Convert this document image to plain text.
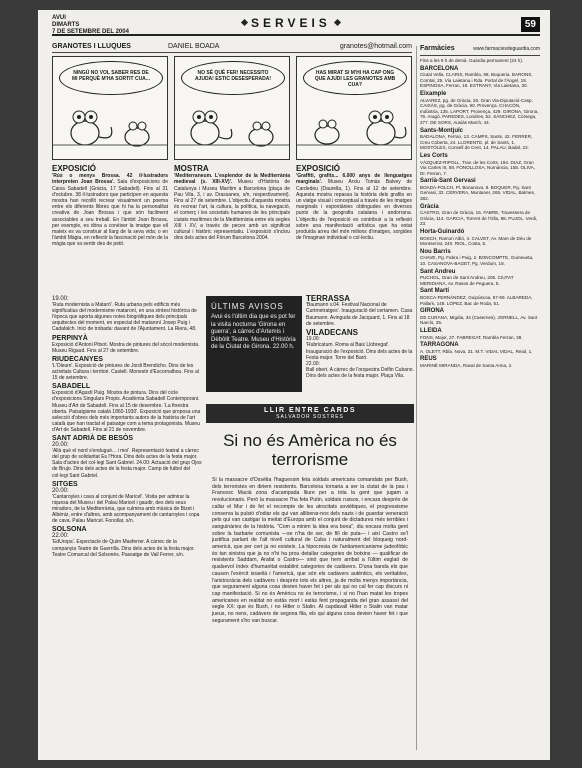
AVUI
DIMARTS
7 DE SETEMBRE DEL 2004
SERVEIS	59
GRANOTES I LLUQUES	DANIEL BOADA	granotes@hotmail.com
NINGÚ NO VOL SABER RES DE MI PERQUÈ M'HA SORTIT CUA...
NO SÉ QUÈ FER! NECESSITO AJUDA! ESTIC DESESPERADA!
HAS MIRAT SI M'HI HA CAP ONG QUE AJUDI LES GRANOTES AMB CUA?
EXPOSICIÓ
'Rús o menys Brossa. 42 il·lustradors interpreten Joan Brossa'. Sala d'exposicions de Caixa Sabadell (Gràcia, 17 Sabadell). Fins al 31 d'octubre. 38 il·lustradors que participen en aquesta mostra han recollit recrear visualment un poema entre els diferents llibres que hi ha la personalitat creativa de Joan Brossa i que són facilment associables a seu treball. En l'àmbit Joan Brossa, per exemple, es dóna a conèixer la imatge que ell mateix es va construir al llarg de la seva vida; o en l'àmbit Màgia, en reflectir la fascinació pel món de la màgia que va sentir des de petit.
MOSTRA
'Mediterraneum. L'esplendor de la Mediterrània medieval (s. XIII-XV)'. Museu d'Història de Catalunya i Museu Marítim a Barcelona (plaça de Pau Vila, 3, i av. Drassanes, s/n, respectivament). Fins al 27 de setembre. L'objectiu d'aquesta mostra és recrear l'art, la cultura, la política, la navegació, el comerç i les societats humanes de les principals ciutats marítimes de la Mediterrània entre els segles XIII i XV, a través de peces amb un significat cultural i històric representatiu. L'exposició s'inclou dins dels actes del Fòrum Barcelona 2004.
EXPOSICIÓ
'Graffiti, grafits... 6.000 anys de llenguatges marginals'. Museu Arxiu Tomàs Balvey de Cardedeu (Daurella, 1). Fins al 12 de setembre. Aquesta mostra repassa la història dels grafits en un viatge visual i conceptual a través de les imatges marginals i espontànies obtingudes en diversos punts de la geografia catalana i andorrana. L'objectiu de l'exposició es contribuir a la reflexió sobre una manifestació artística que ha estat produïda arreu del món milions d'imatges, sorgides de l'imaginari individual o col·lectiu.
19.00:
'Ruta modernista a Mataró'. Ruta urbana pels edificis més significatius del modernisme mataroní, en una síntesi històrica de l'època que aporta algunes notes biogràfiques dels principals arquitectes del moment, en especial del mataroní Josep Puig i Cadafalch. Inici de trobada: davant de l'Ajuntament. La Riera, 48.
PERPINYÀ
Exposició d'Antoni Pitxot. Mostra de pintures del sòcol modernista. Museu Rigaud. Fins al 27 de setembre.
RIUDECANYES
'L'Oleum'. Exposició de pintures de Jordi Brendicho. Dins de les activitats Cultura i territori. Castell. Monestir d'Escornalbou. Fins al 15 de setembre.
SABADELL
Exposició d'Agustí Puig. Mostra de pintura. Dins del cicle d'exposicions Singulars Propis. Acadèmia Sabadell Contemporani. Museu d'Art de Sabadell. Fins al 15 de desembre. 'La finestra oberta. Paisatgisme català 1860-1930'. Exposició que proposa una selecció d'obres dels més importants autors de la història de l'art català que han tractat el paisatge com a tema protagonista. Museu d'Art de Sabadell. Fins al 21 de novembre.
SANT ADRIÀ DE BESÒS
20.00:
'Allà què el nord s'enduguè... i moi'. Representació teatral a càrrec del grup de solidaritat Es l'Hora. Dins dels actes de la festa major. Sala d'actes del col·legi Sant Gabriel. 24.00: Actuació del grup Ojos de Brujo. Dins dels actes de la festa major. Camp de futbol del col·legi Sant Gabriel.
SITGES
20.00:
'Cantaroyles i cava al conjunt de Maricel'. Visita per admirar la riquesa del Museu i del Palau Maricel i gaudir, des dels seus miradors, de la Mediterrània, que culmina amb música de Bizet i Albéniz, entre d'altres, amb acompanyament de cantaroyles i copa de cava. Palau Maricel. Fonollar, s/n.
SOLSONA
22.00:
'EdUropa'. Espectacle de Quim Masferrer. A càrrec de la companyia Teatre de Guerrilla. Dins dels actes de la festa major. Teatre Comarcal del Solsonès. Passatge de Vall Ferrer, s/n.
ÚLTIMS AVISOS
Avui és l'últim dia que es pot fer la visita nocturna 'Girona en guerra', a càrrec d'Artemis i Dèbòlit Teatre. Museu d'Història de la Ciutat de Girona. 22.00 h.
TERRASSA
'Baumann v.04. Festival Nacional de Curtmetratges'. Inauguració del certamen. Casa Baumann. Avinguda de Jacquard, 1. Fins al 18 de setembre.
VILADECANS
19.00:
'Rubricatum. Roma al Baix Llobregat'. Inauguració de l'exposició. Dins dels actes de la Festa major. Torre del Baró.
22.00:
Ball obert. A càrrec de l'orquestra Dolfin Cubano. Dins dels actes de la festa major. Plaça Vila.
LLIR ENTRE CARDS
SALVADOR SOSTRES
Si no és Amèrica no és terrorisme
Si la massacre d'Ossètia l'haguessin feta soldats americans comandats per Bush, dels terroristes en diriem resistents. Barcelona tornaria a ser la ciutat de la pau i Francesc Macià zona d'acampada lliure per a tota la gent que jugam a revolucionaris. Però la massacre l'ha feta Putin, soldats russos, i encara després de callar el Mur i de fet el recompte de les atrocitats soviètiques, el progressisme conserva la pulsió d'odiar els qui van alliberar-nos dels nazis i de guardar veneració pels qui van castigar la meitat d'Europa amb el conjunt de dictadures més terribles i sanguinàries de la història. "Com a minim la idea era bona", diu encara molta gent sobre la barbarie comunista —se n'ha de ser, de fill de puta— i així Castro se'l justifica parlant de l'alt nivell cultural de Cuba i naturalment del bloqueig nord-americà, que per cert ja no existeix. La hipocresia de l'antiamericanisme judeofòbic és tan sinistra que ja no n'hi ha prou detallar categories de botxins — qualificar de resistents Saddam, Arafat o Castro— sinó que hem arribat a l'últim esglaó de qualsevol índex d'humanitat establint categories de cadàvers. D'una banda els que causen l'exèrcit israelià i l'americà, que són els cadàvers autèntics, els veritables, l'aristocràcia dels cadàvers i després tots els altres, ja de molta menys importància, que segurament alguna cosa devien haver fet i per als qui no cal fer cap discurs ni cap manifestació. Si no és Amèrica no és terrorisme, i si no l'han matat les tropes americanes en realitat no estàs mort i estàs fent propaganda del gran assassí del segle XX: que és Bush, i no Hitler o Stalin. Al capdavall Hitler o Stalin van matar jueus, no nens, cadàvers de segona fila, els qui alguna cosa devien haver fet i que segurament s'ho van buscar.
Farmàcies	www.farmaciesdeguardia.com
Fins a les 9 h de demà. Guàrdia permanent (24 h).
BARCELONA
Ciutat Vella. CLARIS, Rambla, 98, Boqueria. BARONS, Comtal, 25. Via Laietana i Rda. Portal de l'Àngel, 18. ESPINOSA, Ferran, 18. ESTRANY, Via Laietana, 30.
Eixample
ALVAREZ, pg. de Gràcia, 26. Gran Via-Diputació-Casp. CAIXÀS, pg. de Gràcia, 90. Provença. CHACÓN, Indústria, 135. LAPORT, Provença, 429. GIRONA, Girona, 76. Aragó. PAREDES, Londres, 52. SÁNCHEZ, Còrsega, 277. DE SORS, Ausiàs March, 44.
Sants-Montjuïc
BADALONA, Ferran, 13. CAMPS, Sants, 42. FERRER, Creu Coberta, 24. LLORENTE, pl. de Sants, 1. MOSTÓLES, Consell de Cent, 14. PALAU, Badal, 22.
Les Corts
VÁZQUEZ-RIPOLL, Trav. de les Corts, 194. DIAZ, Gran Via Carles III, 58. FONOLLOSA, Numància, 155. OLIVA, Dr. Ferran, 7.
Sarrià-Sant Gervasi
BOADA-FOLCH, Pl. Bonanova, 8. BOQUER, Pg. Sant Gervasi, 32. CERVERA, Muntaner, 265. VIDAL, Balmes, 382.
Gràcia
CASTRO, Gran de Gràcia, 15. FABRE, Travessera de Gràcia, 114. GARCIA, Torrent de l'Olla, 88. PUJOL, Verdi, 23.
Horta-Guinardó
BOSCH, Ramon Albó, 4. CALVET, Av. Mare de Déu de Montserrat, 240. RIOL, Costa, 5.
Nou Barris
CHAVE, Pg. Fabra i Puig, 2. BONCOMPTE, Guineueta, 10. CASANOVA-BAGET, Pg. Verdum, 18.
Sant Andreu
PUCHOL, Gran de Sant Andreu, 205. CIUTAT MERIDIANA, Av. Rasos de Peguera, 5.
Sant Martí
BOSCA-FERNÁNDEZ, Guipúscoa, 67-69. ALBAREDA, Pallars, 148. LÓPEZ, Bac de Roda, 51.
GIRONA
DE CURANA, Migdia, 34 (Casernes). JORNELL, Av. Sant Narcís, 25.
LLEIDA
FONS, Major, 27. FABREGAT, Rambla Ferran, 38.
TARRAGONA
A. OLETT, Rbla. Nova, 31. M.T. VIDAL VIDAL, Reial, 1.
REUS
MARINÉ MIRANDA, Raval de Santa Anna, 2.
